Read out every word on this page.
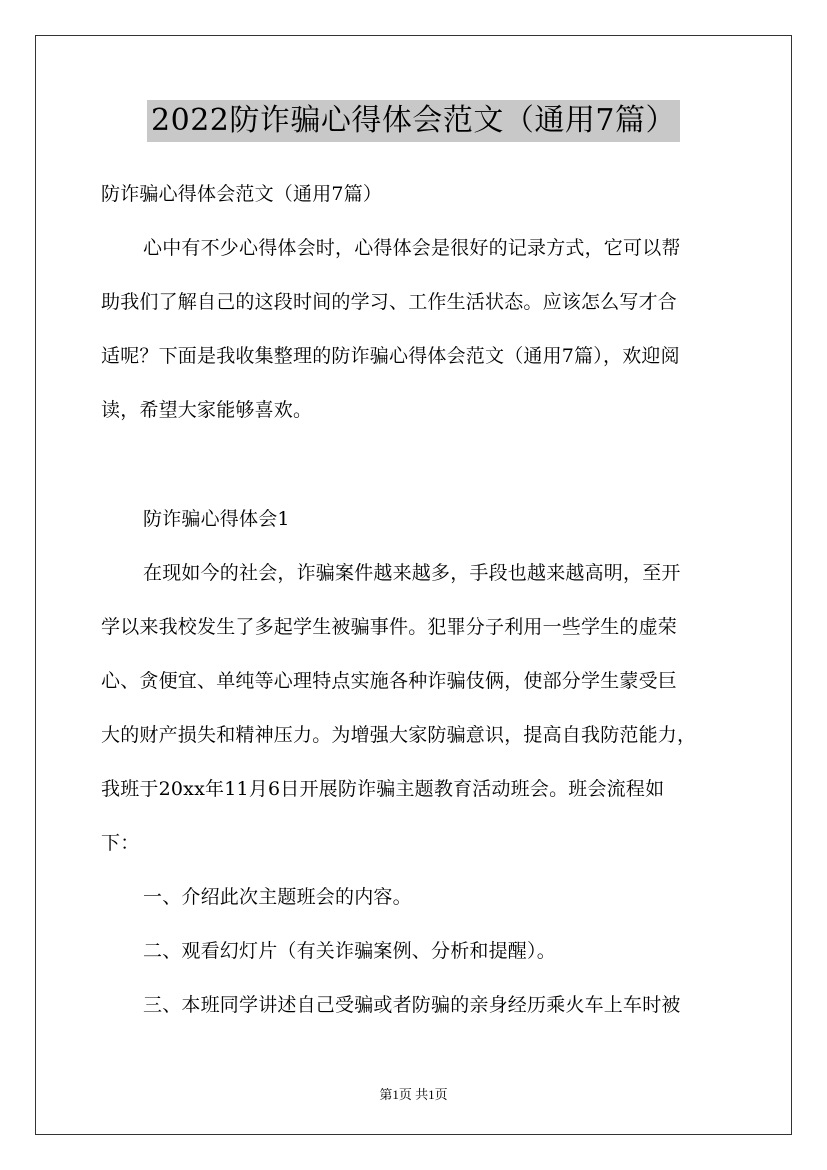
2022防诈骗心得体会范文（通用7篇）
防诈骗心得体会范文（通用7篇）
心中有不少心得体会时，心得体会是很好的记录方式，它可以帮
助我们了解自己的这段时间的学习、工作生活状态。应该怎么写才合
适呢？下面是我收集整理的防诈骗心得体会范文（通用7篇），欢迎阅
读，希望大家能够喜欢。
防诈骗心得体会1
在现如今的社会，诈骗案件越来越多，手段也越来越高明，至开
学以来我校发生了多起学生被骗事件。犯罪分子利用一些学生的虚荣
心、贪便宜、单纯等心理特点实施各种诈骗伎俩，使部分学生蒙受巨
大的财产损失和精神压力。为增强大家防骗意识，提高自我防范能力，
我班于20xx年11月6日开展防诈骗主题教育活动班会。班会流程如
下：
一、介绍此次主题班会的内容。
二、观看幻灯片（有关诈骗案例、分析和提醒）。
三、本班同学讲述自己受骗或者防骗的亲身经历乘火车上车时被
第1页 共1页
